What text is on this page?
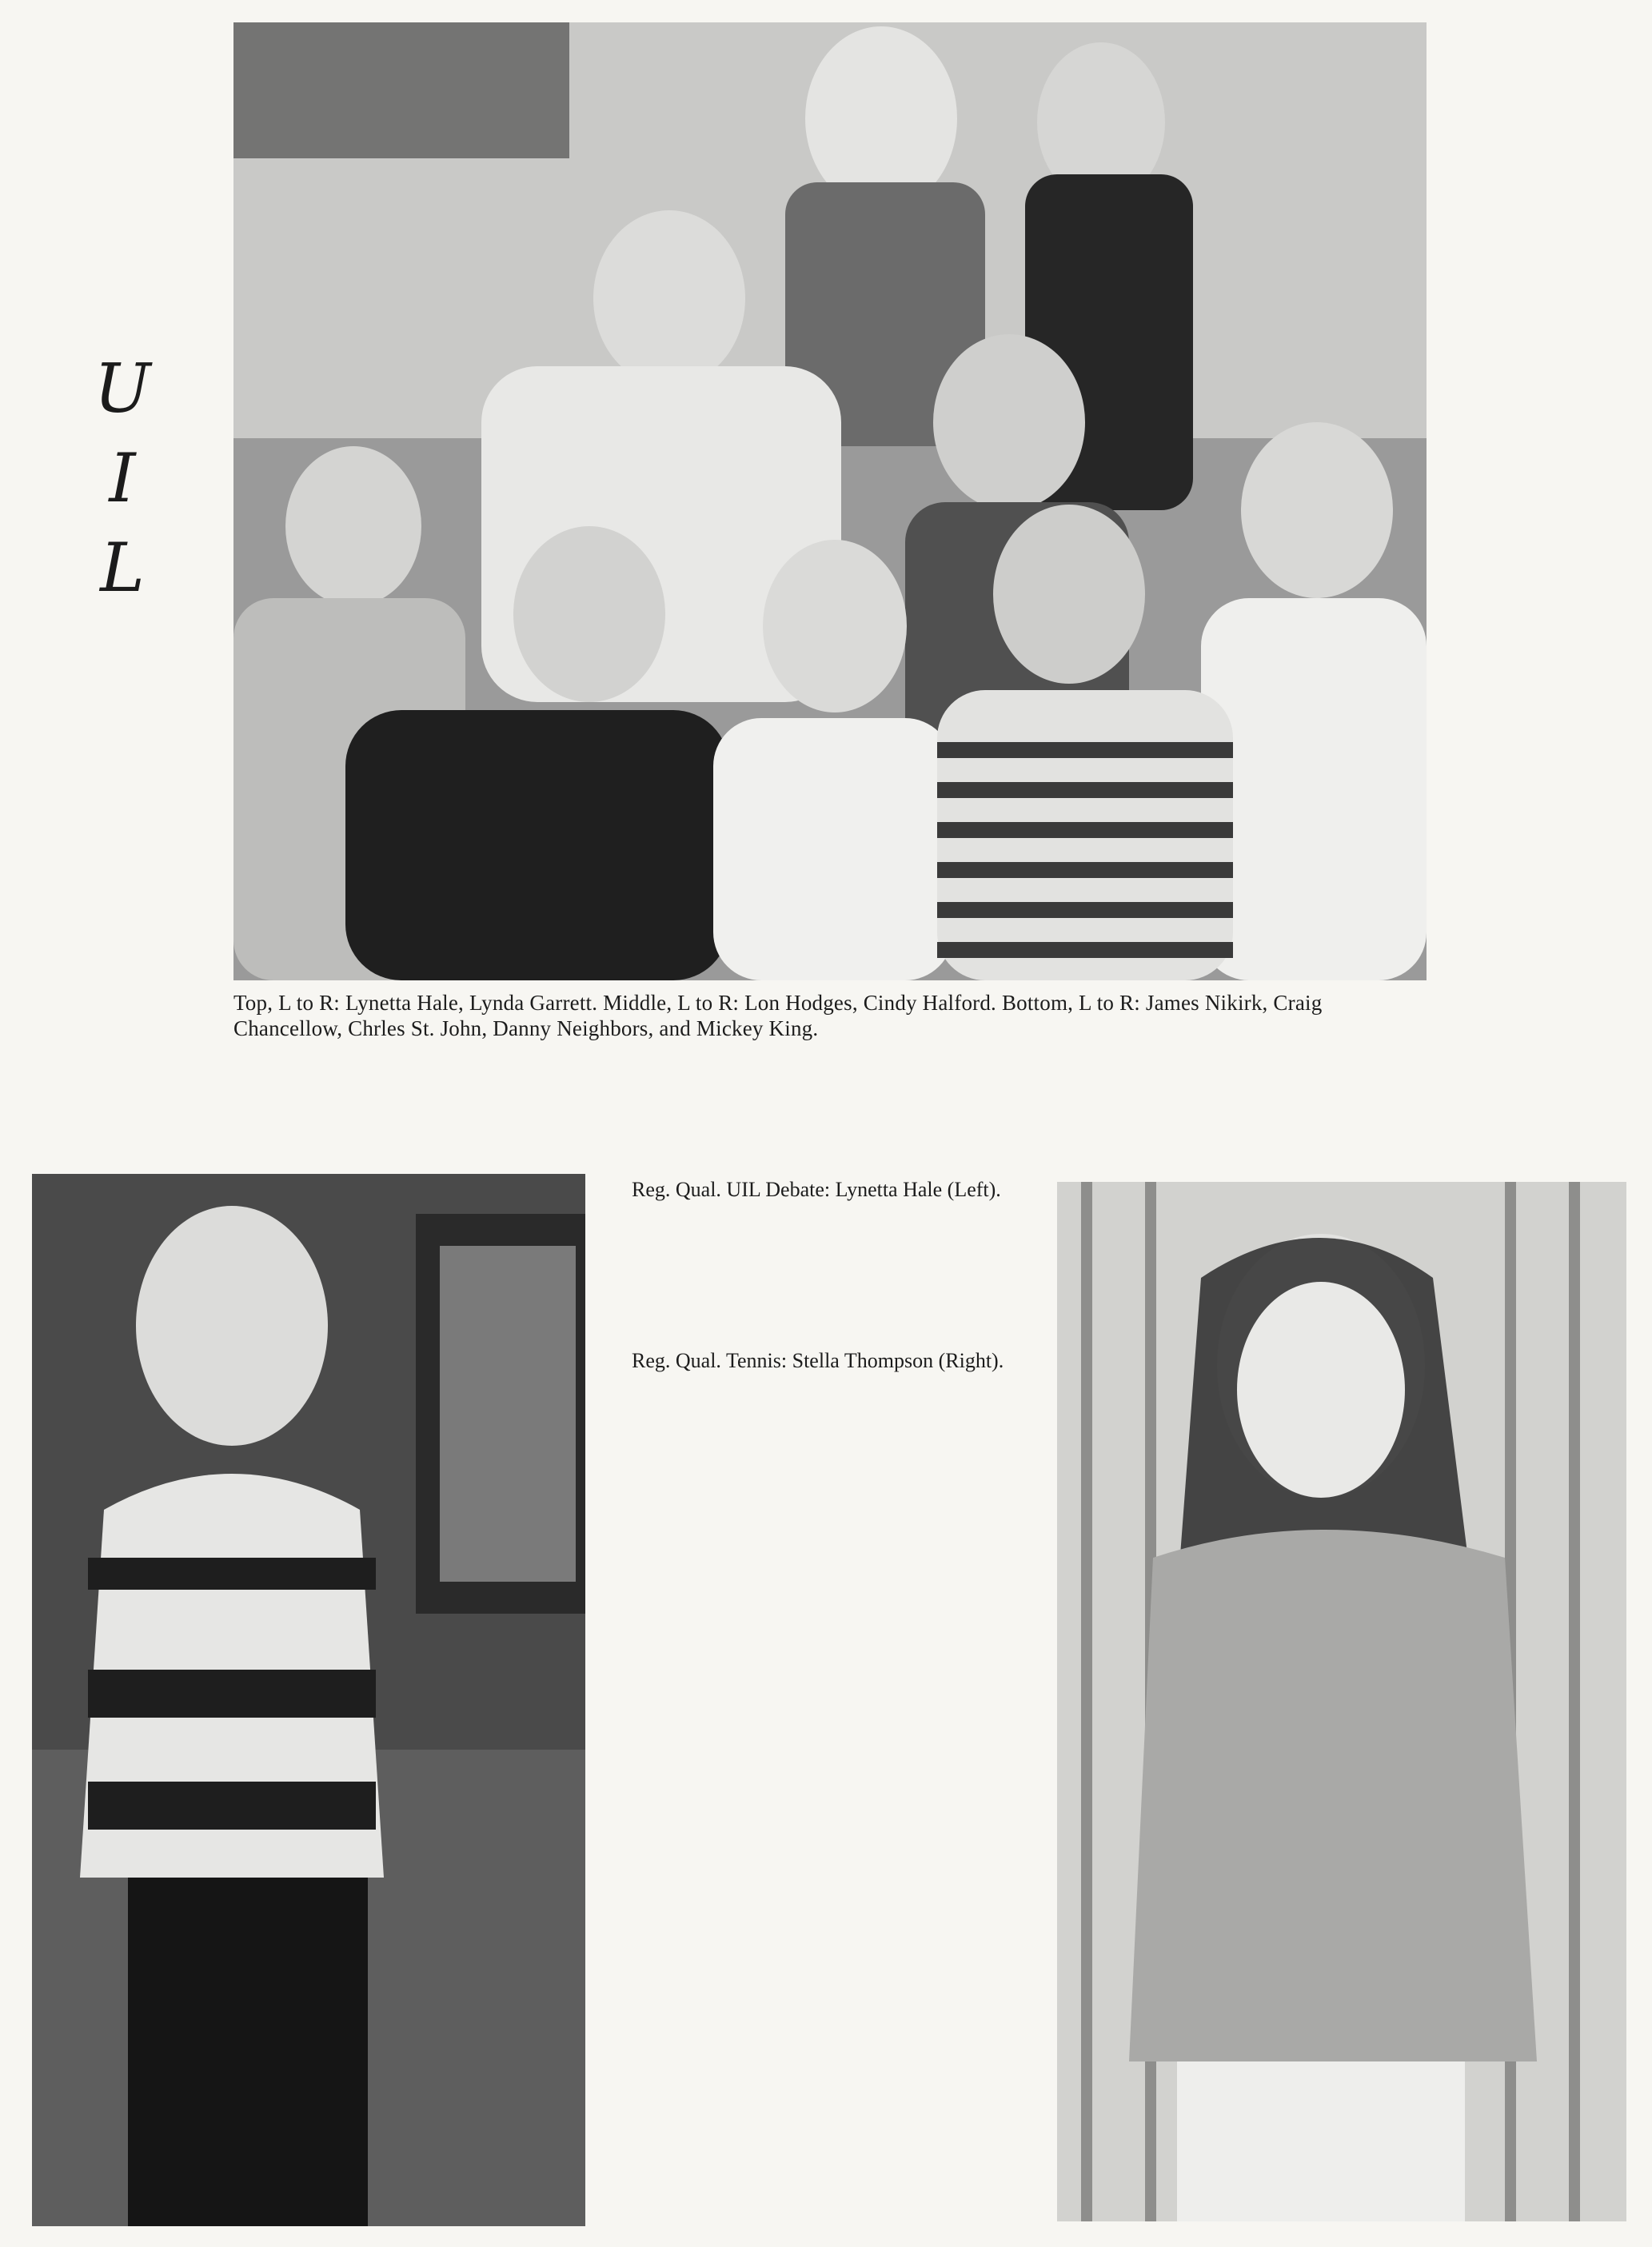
U
I
L
Top, L to R: Lynetta Hale, Lynda Garrett. Middle, L to R: Lon Hodges, Cindy Halford. Bottom, L to R: James Nikirk, Craig Chancellow, Chrles St. John, Danny Neighbors, and Mickey King.
Reg. Qual. UIL Debate: Lynetta Hale (Left).
Reg. Qual. Tennis: Stella Thompson (Right).
